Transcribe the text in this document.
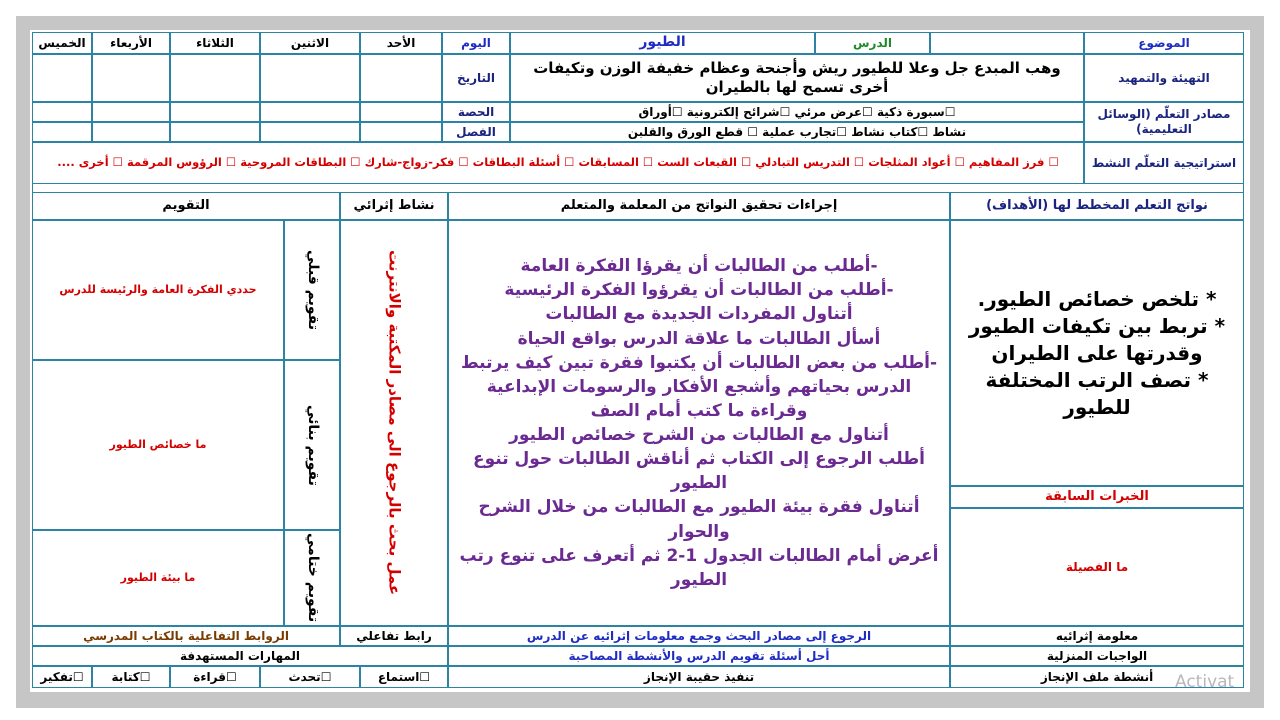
الموضوع
الدرس
الطيور
اليوم
الأحد
الاثنين
الثلاثاء
الأربعاء
الخميس
التهيئة والتمهيد
وهب المبدع جل وعلا للطيور ريش وأجنحة وعظام خفيفة الوزن وتكيفات أخرى تسمح لها بالطيران
التاريخ
مصادر التعلّم (الوسائل التعليمية)
☐سبورة ذكية ☐عرض مرئي ☐شرائح إلكترونية ☐أوراق
نشاط ☐كتاب نشاط ☐تجارب عملية ☐ قطع الورق والقلبن
الحصة
الفصل
استراتيجية التعلّم النشط
☐ فرز المفاهيم ☐ أعواد المثلجات ☐ التدريس التبادلي ☐ القبعات الست ☐ المسابقات ☐ أسئلة البطاقات ☐ فكر-زواج-شارك ☐ البطاقات المروحية ☐ الرؤوس المرقمة ☐ أخرى ....
نواتج التعلم المخطط لها (الأهداف)
إجراءات تحقيق النواتج من المعلمة والمتعلم
نشاط إثرائي
التقويم
* تلخص خصائص الطيور.
* تربط بين تكيفات الطيور وقدرتها على الطيران
* تصف الرتب المختلفة للطيور
الخبرات السابقة
ما الفصيلة
-أطلب من الطالبات أن يقرؤا الفكرة العامة
-أطلب من الطالبات أن يقرؤوا الفكرة الرئيسية
أتناول المفردات الجديدة مع الطالبات
أسأل الطالبات ما علاقة الدرس بواقع الحياة
-أطلب من بعض الطالبات أن يكتبوا فقرة تبين كيف يرتبط الدرس بحياتهم وأشجع الأفكار والرسومات الإبداعية وقراءة ما كتب أمام الصف
أتناول مع الطالبات من الشرح خصائص الطيور
أطلب الرجوع إلى الكتاب ثم أناقش الطالبات حول تنوع الطيور
أتناول فقرة بيئة الطيور مع الطالبات من خلال الشرح والحوار
أعرض أمام الطالبات الجدول 1-2 ثم أتعرف على تنوع رتب الطيور
عمل بحث بالرجوع الى مصادر المكتبة والانترنت
تقويم قبلي
حددي الفكرة العامة والرئيسة للدرس
تقويم بنائي
ما خصائص الطيور
تقويم ختامي
ما بيئة الطيور
معلومة إثرائيه
الرجوع إلى مصادر البحث وجمع معلومات إثرائيه عن الدرس
رابط تفاعلي
الروابط التفاعلية بالكتاب المدرسي
الواجبات المنزلية
أحل أسئلة تقويم الدرس والأنشطة المصاحبة
المهارات المستهدفة
أنشطة ملف الإنجاز
تنفيذ حقيبة الإنجاز
☐استماع
☐تحدث
☐قراءة
☐كتابة
☐تفكير	Activat
